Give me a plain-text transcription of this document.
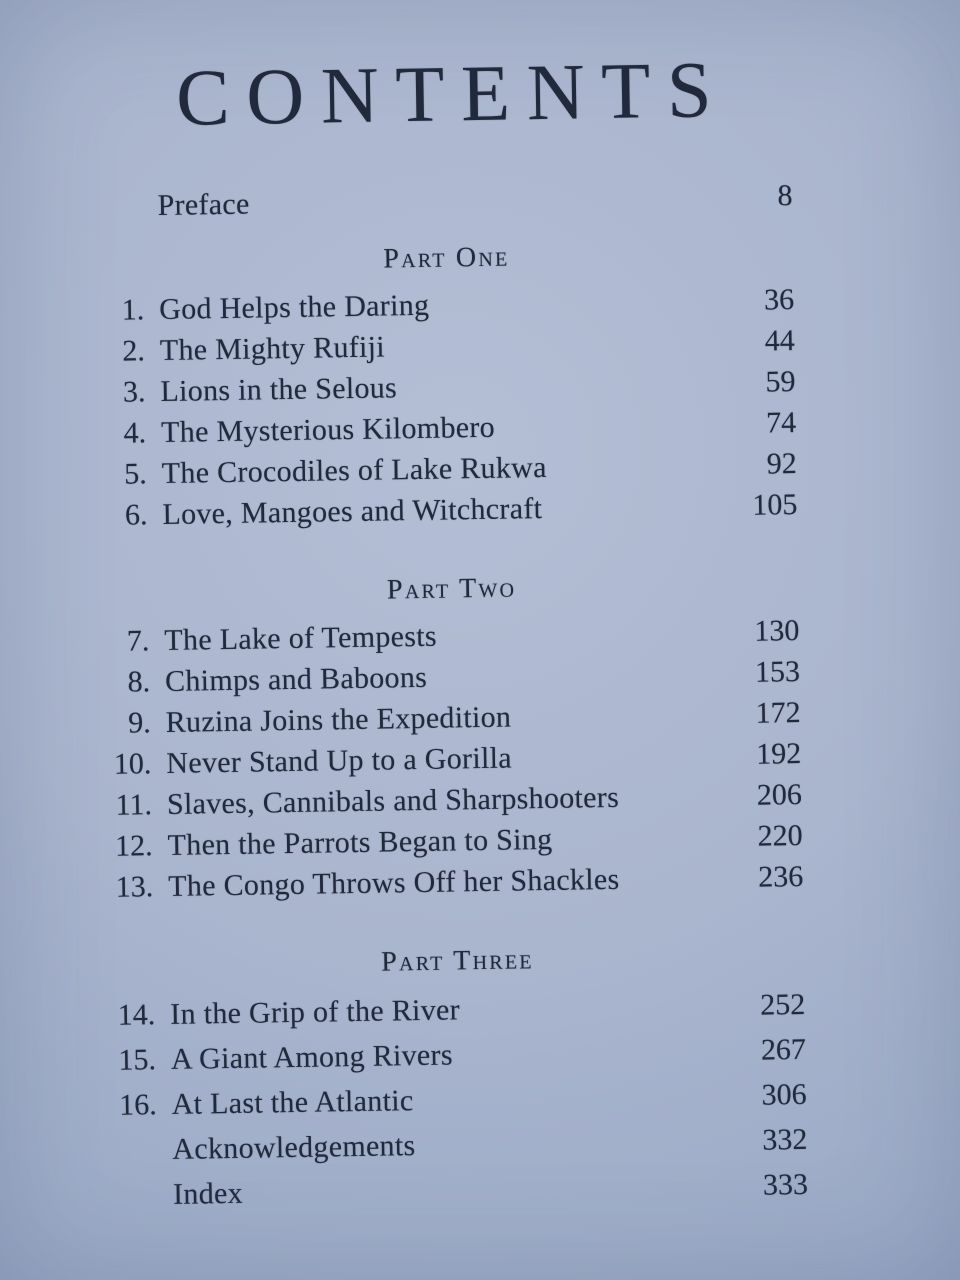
CONTENTS
Preface	8
Part One
1. God Helps the Daring	36
2. The Mighty Rufiji	44
3. Lions in the Selous	59
4. The Mysterious Kilombero	74
5. The Crocodiles of Lake Rukwa	92
6. Love, Mangoes and Witchcraft	105
Part Two
7. The Lake of Tempests	130
8. Chimps and Baboons	153
9. Ruzina Joins the Expedition	172
10. Never Stand Up to a Gorilla	192
11. Slaves, Cannibals and Sharpshooters	206
12. Then the Parrots Began to Sing	220
13. The Congo Throws Off her Shackles	236
Part Three
14. In the Grip of the River	252
15. A Giant Among Rivers	267
16. At Last the Atlantic	306
Acknowledgements	332
Index	333
